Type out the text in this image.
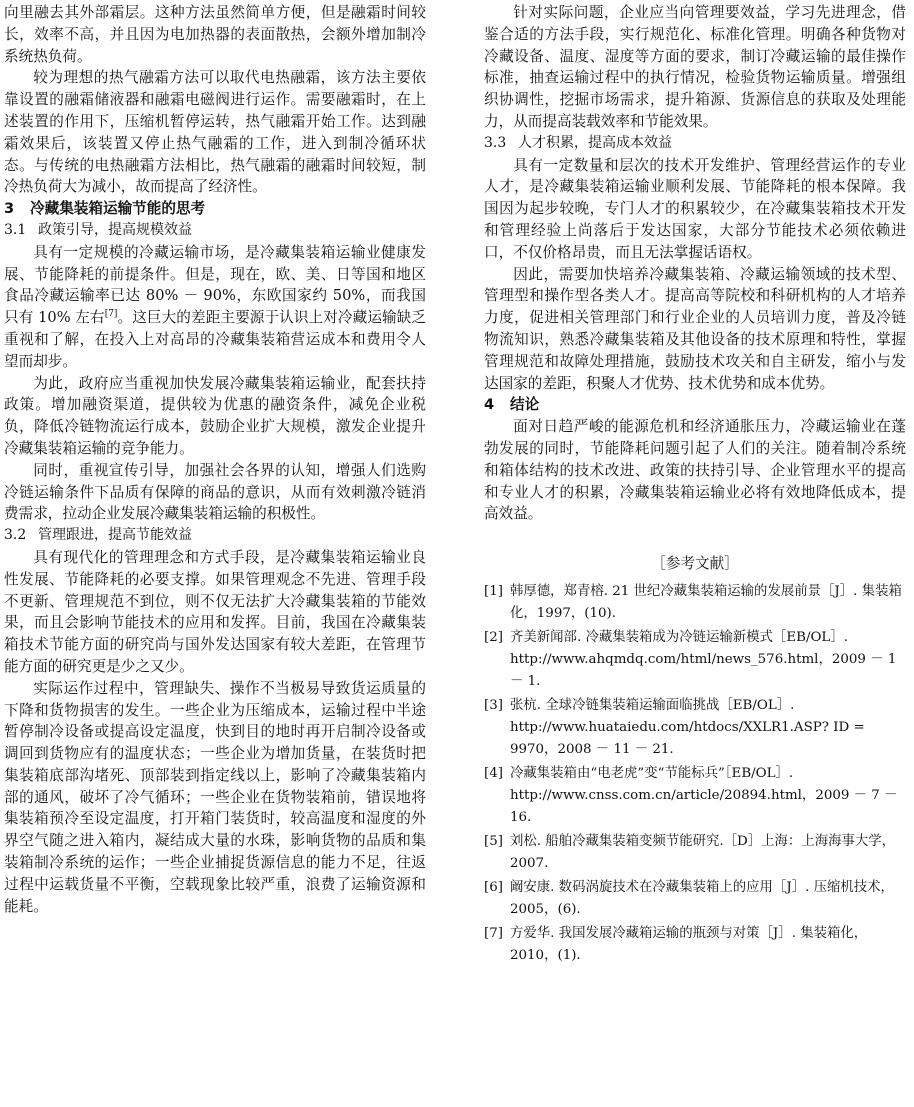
向里融去其外部霜层。这种方法虽然简单方便，但是融霜时间较长，效率不高，并且因为电加热器的表面散热，会额外增加制冷系统热负荷。

较为理想的热气融霜方法可以取代电热融霜，该方法主要依靠设置的融霜储液器和融霜电磁阀进行运作。需要融霜时，在上述装置的作用下，压缩机暂停运转，热气融霜开始工作。达到融霜效果后，该装置又停止热气融霜的工作，进入到制冷循环状态。与传统的电热融霜方法相比，热气融霜的融霜时间较短，制冷热负荷大为减小，故而提高了经济性。

3 冷藏集装箱运输节能的思考
3.1 政策引导，提高规模效益

具有一定规模的冷藏运输市场，是冷藏集装箱运输业健康发展、节能降耗的前提条件。但是，现在，欧、美、日等国和地区食品冷藏运输率已达 80% － 90%，东欧国家约 50%，而我国只有 10% 左右[7]。这巨大的差距主要源于认识上对冷藏运输缺乏重视和了解，在投入上对高昂的冷藏集装箱营运成本和费用令人望而却步。

为此，政府应当重视加快发展冷藏集装箱运输业，配套扶持政策。增加融资渠道，提供较为优惠的融资条件，减免企业税负，降低冷链物流运行成本，鼓励企业扩大规模，激发企业提升冷藏集装箱运输的竞争能力。

同时，重视宣传引导，加强社会各界的认知，增强人们选购冷链运输条件下品质有保障的商品的意识，从而有效刺激冷链消费需求，拉动企业发展冷藏集装箱运输的积极性。

3.2 管理跟进，提高节能效益

具有现代化的管理理念和方式手段，是冷藏集装箱运输业良性发展、节能降耗的必要支撑。如果管理观念不先进、管理手段不更新、管理规范不到位，则不仅无法扩大冷藏集装箱的节能效果，而且会影响节能技术的应用和发挥。目前，我国在冷藏集装箱技术节能方面的研究尚与国外发达国家有较大差距，在管理节能方面的研究更是少之又少。

实际运作过程中，管理缺失、操作不当极易导致货运质量的下降和货物损害的发生。一些企业为压缩成本，运输过程中半途暂停制冷设备或提高设定温度，快到目的地时再开启制冷设备或调回到货物应有的温度状态；一些企业为增加货量，在装货时把集装箱底部沟堵死、顶部装到指定线以上，影响了冷藏集装箱内部的通风，破坏了冷气循环；一些企业在货物装箱前，错误地将集装箱预冷至设定温度，打开箱门装货时，较高温度和湿度的外界空气随之进入箱内，凝结成大量的水珠，影响货物的品质和集装箱制冷系统的运作；一些企业捕捉货源信息的能力不足，往返过程中运载货量不平衡，空载现象比较严重，浪费了运输资源和能耗。

针对实际问题，企业应当向管理要效益，学习先进理念，借鉴合适的方法手段，实行规范化、标准化管理。明确各种货物对冷藏设备、温度、湿度等方面的要求，制订冷藏运输的最佳操作标准，抽查运输过程中的执行情况，检验货物运输质量。增强组织协调性，挖掘市场需求，提升箱源、货源信息的获取及处理能力，从而提高装载效率和节能效果。

3.3 人才积累，提高成本效益

具有一定数量和层次的技术开发维护、管理经营运作的专业人才，是冷藏集装箱运输业顺利发展、节能降耗的根本保障。我国因为起步较晚，专门人才的积累较少，在冷藏集装箱技术开发和管理经验上尚落后于发达国家，大部分节能技术必须依赖进口，不仅价格昂贵，而且无法掌握话语权。

因此，需要加快培养冷藏集装箱、冷藏运输领域的技术型、管理型和操作型各类人才。提高高等院校和科研机构的人才培养力度，促进相关管理部门和行业企业的人员培训力度，普及冷链物流知识，熟悉冷藏集装箱及其他设备的技术原理和特性，掌握管理规范和故障处理措施，鼓励技术攻关和自主研发，缩小与发达国家的差距，积聚人才优势、技术优势和成本优势。

4 结论

面对日趋严峻的能源危机和经济通胀压力，冷藏运输业在蓬勃发展的同时，节能降耗问题引起了人们的关注。随着制冷系统和箱体结构的技术改进、政策的扶持引导、企业管理水平的提高和专业人才的积累，冷藏集装箱运输业必将有效地降低成本，提高效益。

［参考文献］
[1] 韩厚德，郑青榕. 21 世纪冷藏集装箱运输的发展前景［J］. 集装箱化，1997，(10).
[2] 齐美新闻部. 冷藏集装箱成为冷链运输新模式［EB/OL］. http://www.ahqmdq.com/html/news_576.html，2009 － 1 － 1.
[3] 张杭. 全球冷链集装箱运输面临挑战［EB/OL］. http://www.huataiedu.com/htdocs/XXLR1.ASP? ID = 9970，2008 － 11 － 21.
[4] 冷藏集装箱由“电老虎”变“节能标兵”［EB/OL］. http://www.cnss.com.cn/article/20894.html，2009 － 7 － 16.
[5] 刘松. 船舶冷藏集装箱变频节能研究.［D］上海：上海海事大学，2007.
[6] 阚安康. 数码涡旋技术在冷藏集装箱上的应用［J］. 压缩机技术，2005，(6).
[7] 方爱华. 我国发展冷藏箱运输的瓶颈与对策［J］. 集装箱化，2010，(1).
